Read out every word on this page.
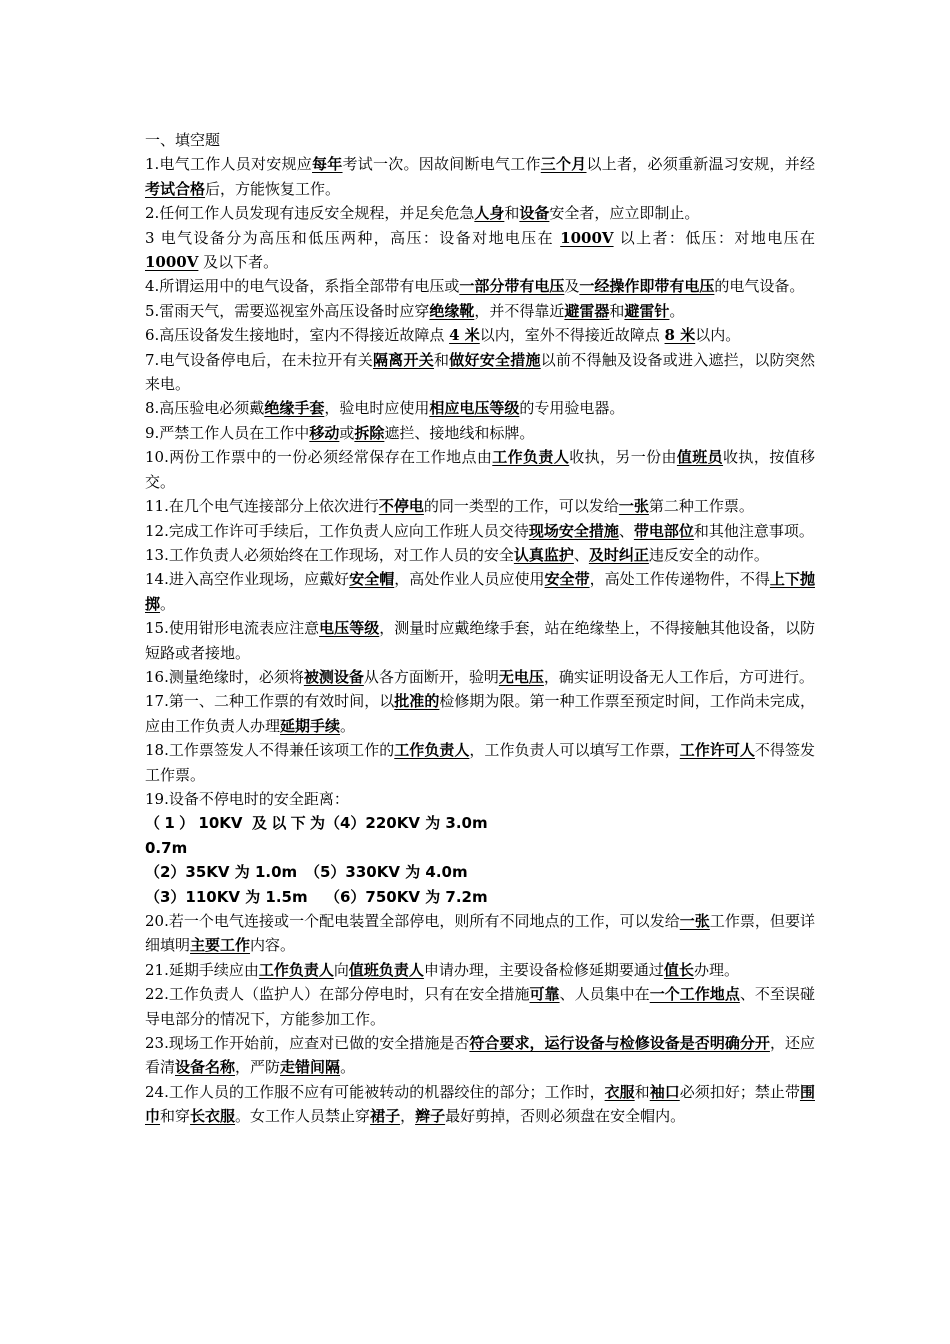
一、填空题

1.电气工作人员对安规应每年考试一次。因故间断电气工作三个月以上者，必须重新温习安规，并经考试合格后，方能恢复工作。

2.任何工作人员发现有违反安全规程，并足矣危急人身和设备安全者，应立即制止。

3 电气设备分为高压和低压两种，高压：设备对地电压在 1000V 以上者：低压：对地电压在 1000V 及以下者。

4.所谓运用中的电气设备，系指全部带有电压或一部分带有电压及一经操作即带有电压的电气设备。

5.雷雨天气，需要巡视室外高压设备时应穿绝缘靴，并不得靠近避雷器和避雷针。

6.高压设备发生接地时，室内不得接近故障点 4 米以内，室外不得接近故障点 8 米以内。

7.电气设备停电后，在未拉开有关隔离开关和做好安全措施以前不得触及设备或进入遮拦，以防突然来电。

8.高压验电必须戴绝缘手套，验电时应使用相应电压等级的专用验电器。

9.严禁工作人员在工作中移动或拆除遮拦、接地线和标牌。

10.两份工作票中的一份必须经常保存在工作地点由工作负责人收执，另一份由值班员收执，按值移交。

11.在几个电气连接部分上依次进行不停电的同一类型的工作，可以发给一张第二种工作票。

12.完成工作许可手续后，工作负责人应向工作班人员交待现场安全措施、带电部位和其他注意事项。

13.工作负责人必须始终在工作现场，对工作人员的安全认真监护、及时纠正违反安全的动作。

14.进入高空作业现场，应戴好安全帽，高处作业人员应使用安全带，高处工作传递物件，不得上下抛掷。

15.使用钳形电流表应注意电压等级，测量时应戴绝缘手套，站在绝缘垫上，不得接触其他设备，以防短路或者接地。

16.测量绝缘时，必须将被测设备从各方面断开，验明无电压，确实证明设备无人工作后，方可进行。

17.第一、二种工作票的有效时间，以批准的检修期为限。第一种工作票至预定时间，工作尚未完成，应由工作负责人办理延期手续。

18.工作票签发人不得兼任该项工作的工作负责人，工作负责人可以填写工作票，工作许可人不得签发工作票。

19.设备不停电时的安全距离：

（1）10KV 及以下为 0.7m
（4）220KV 为 3.0m
（2）35KV 为 1.0m （5）330KV 为 4.0m
（3）110KV 为 1.5m	（6）750KV 为 7.2m

20.若一个电气连接或一个配电装置全部停电，则所有不同地点的工作，可以发给一张工作票，但要详细填明主要工作内容。

21.延期手续应由工作负责人向值班负责人申请办理，主要设备检修延期要通过值长办理。

22.工作负责人（监护人）在部分停电时，只有在安全措施可靠、人员集中在一个工作地点、不至误碰导电部分的情况下，方能参加工作。

23.现场工作开始前，应查对已做的安全措施是否符合要求，运行设备与检修设备是否明确分开，还应看清设备名称，严防走错间隔。

24.工作人员的工作服不应有可能被转动的机器绞住的部分；工作时，衣服和袖口必须扣好；禁止带围巾和穿长衣服。女工作人员禁止穿裙子，辫子最好剪掉，否则必须盘在安全帽内。
